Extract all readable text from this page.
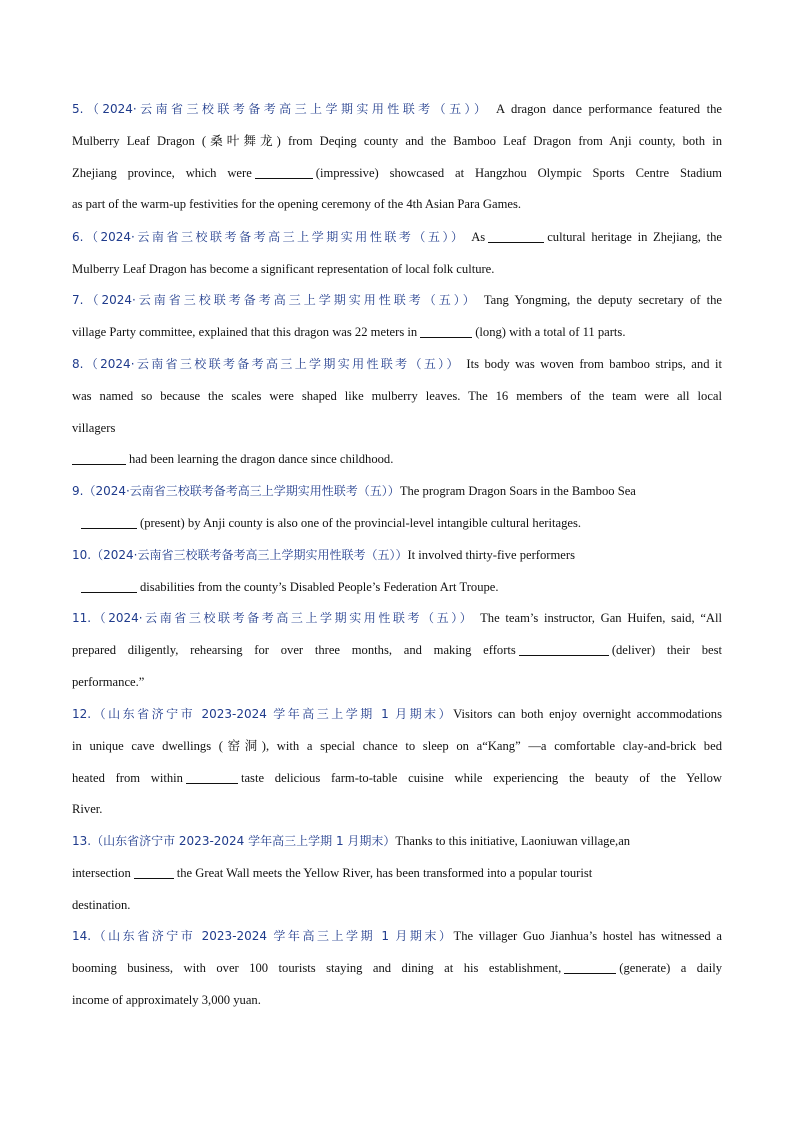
5.（2024·云南省三校联考备考高三上学期实用性联考（五）） A dragon dance performance featured the
Mulberry Leaf Dragon (桑叶舞龙) from Deqing county and the Bamboo Leaf Dragon from Anji county, both in
Zhejiang province, which were	(impressive) showcased at Hangzhou Olympic Sports Centre Stadium
as part of the warm-up festivities for the opening ceremony of the 4th Asian Para Games.
6.（2024·云南省三校联考备考高三上学期实用性联考（五）） As	cultural heritage in Zhejiang, the
Mulberry Leaf Dragon has become a significant representation of local folk culture.
7.（2024·云南省三校联考备考高三上学期实用性联考（五）） Tang Yongming, the deputy secretary of the
village Party committee, explained that this dragon was 22 meters in	(long) with a total of 11 parts.
8.（2024·云南省三校联考备考高三上学期实用性联考（五）） Its body was woven from bamboo strips, and it
was named so because the scales were shaped like mulberry leaves. The 16 members of the team were all local
villagers
had been learning the dragon dance since childhood.
9.（2024·云南省三校联考备考高三上学期实用性联考（五））The program Dragon Soars in the Bamboo Sea
(present) by Anji county is also one of the provincial-level intangible cultural heritages.
10.（2024·云南省三校联考备考高三上学期实用性联考（五））It involved thirty-five performers
disabilities from the county’s Disabled People’s Federation Art Troupe.
11.（2024·云南省三校联考备考高三上学期实用性联考（五）） The team’s instructor, Gan Huifen, said, “All
prepared diligently, rehearsing for over three months, and making efforts	(deliver) their best
performance.”
12.（山东省济宁市 2023-2024 学年高三上学期 1 月期末）Visitors can both enjoy overnight accommodations
in unique cave dwellings (窑洞), with a special chance to sleep on a“Kang” —a comfortable clay-and-brick bed
heated from within	taste delicious farm-to-table cuisine while experiencing the beauty of the Yellow
River.
13.（山东省济宁市 2023-2024 学年高三上学期 1 月期末）Thanks to this initiative, Laoniuwan village,an
intersection	the Great Wall meets the Yellow River, has been transformed into a popular tourist
destination.
14.（山东省济宁市 2023-2024 学年高三上学期 1 月期末）The villager Guo Jianhua’s hostel has witnessed a
booming business, with over 100 tourists staying and dining at his establishment,	(generate) a daily
income of approximately 3,000 yuan.
